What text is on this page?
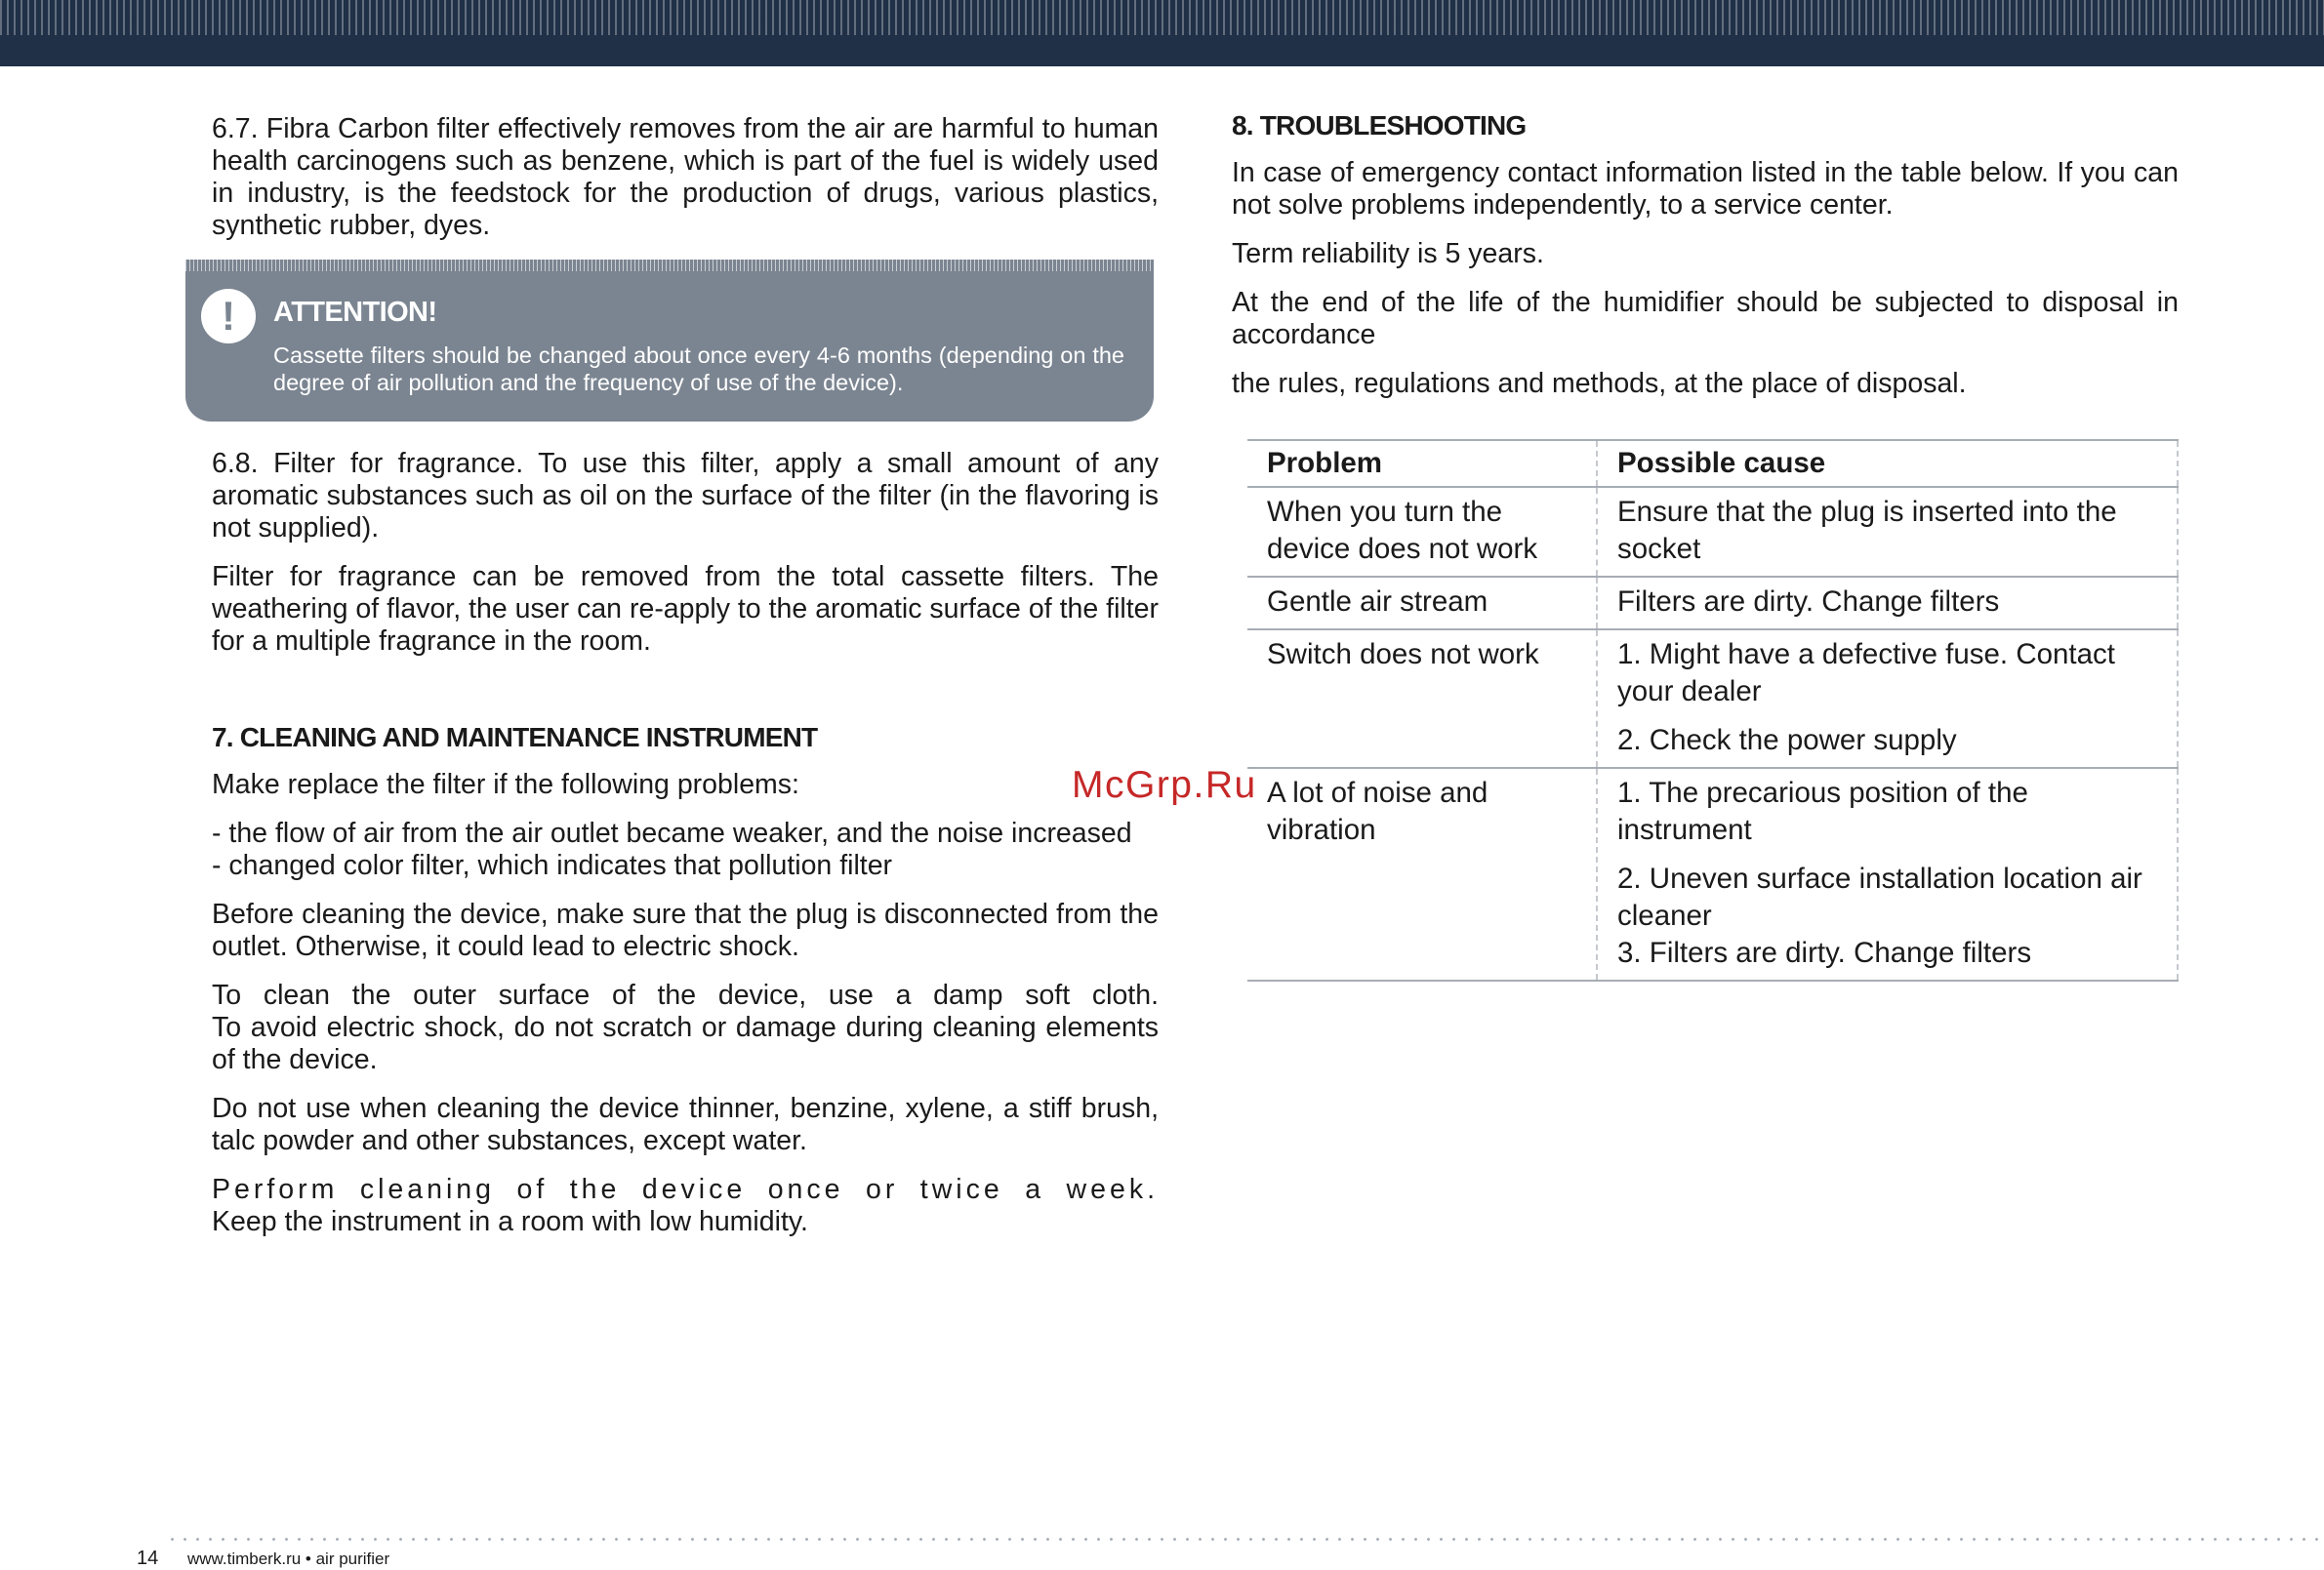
6.7. Fibra Carbon filter effectively removes from the air are harmful to human health carcinogens such as benzene, which is part of the fuel is widely used in industry, is the feedstock for the production of drugs, various plastics, synthetic rubber, dyes.

!	ATTENTION!
Cassette filters should be changed about once every 4-6 months (depending on the degree of air pollution and the frequency of use of the device).

6.8. Filter for fragrance. To use this filter, apply a small amount of any aromatic substances such as oil on the surface of the filter (in the flavoring is not supplied).

Filter for fragrance can be removed from the total cassette filters. The weathering of flavor, the user can re-apply to the aromatic surface of the filter for a multiple fragrance in the room.

7. CLEANING AND MAINTENANCE INSTRUMENT

Make replace the filter if the following problems:

- the flow of air from the air outlet became weaker, and the noise increased

- changed color filter, which indicates that pollution filter

Before cleaning the device, make sure that the plug is disconnected from the outlet. Otherwise, it could lead to electric shock.

To clean the outer surface of the device, use a damp soft cloth.

To avoid electric shock, do not scratch or damage during cleaning elements of the device.

Do not use when cleaning the device thinner, benzine, xylene, a stiff brush, talc powder and other substances, except water.

Perform cleaning of the device once or twice a week.

Keep the instrument in a room with low humidity.

8. TROUBLESHOOTING

In case of emergency contact information listed in the table below. If you can not solve problems independently, to a service center.

Term reliability is 5 years.

At the end of the life of the humidifier should be subjected to disposal in accordance

the rules, regulations and methods, at the place of disposal.

Problem	Possible cause
When you turn the device does not work	Ensure that the plug is inserted into the socket
Gentle air stream	Filters are dirty. Change filters
Switch does not work	1. Might have a defective fuse. Contact your dealer
2. Check the power supply
A lot of noise and vibration	1. The precarious position of the instrument
2. Uneven surface installation location air cleaner
3. Filters are dirty. Change filters
McGrp.Ru
14 www.timberk.ru • air purifier
